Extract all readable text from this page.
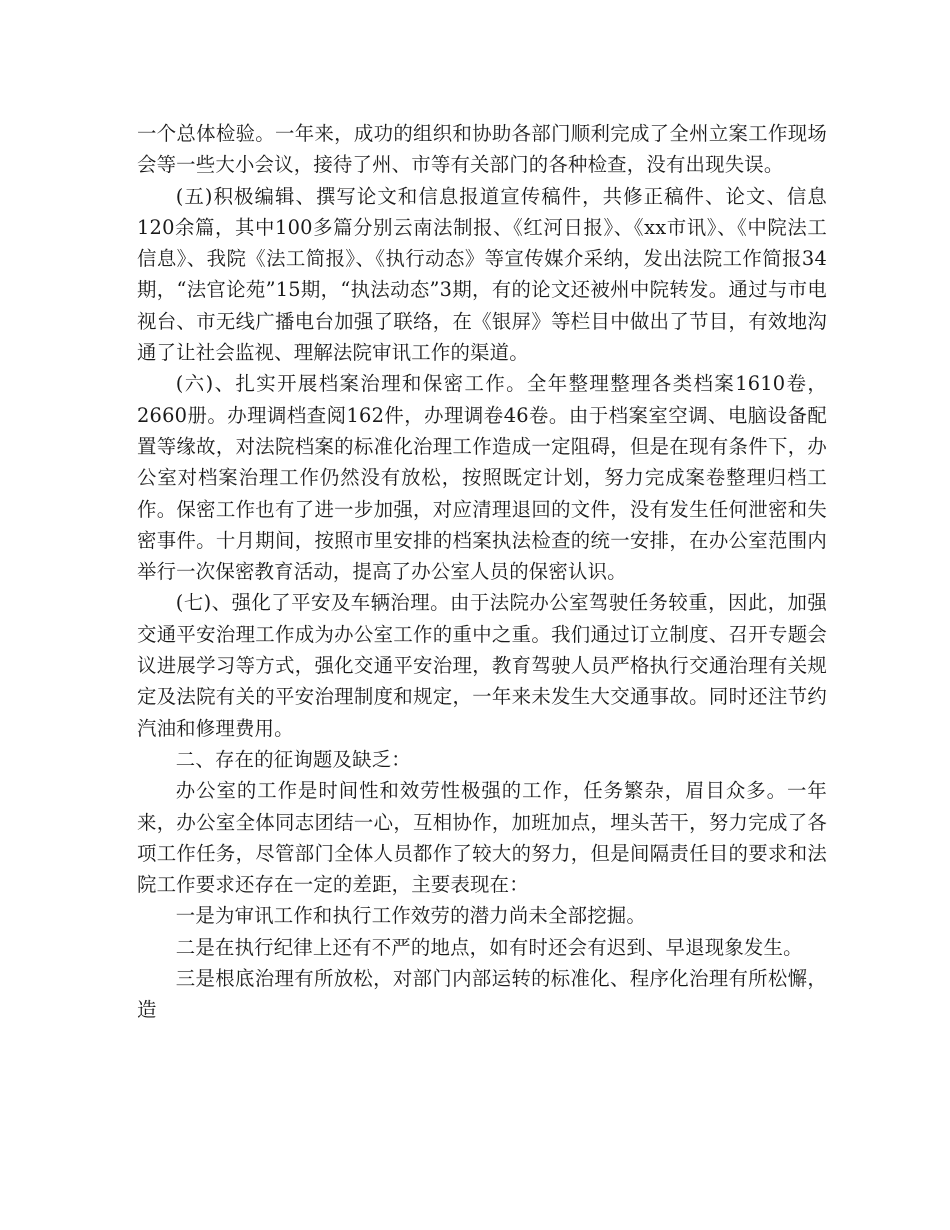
一个总体检验。一年来，成功的组织和协助各部门顺利完成了全州立案工作现场会等一些大小会议，接待了州、市等有关部门的各种检查，没有出现失误。

(五)积极编辑、撰写论文和信息报道宣传稿件，共修正稿件、论文、信息120余篇，其中100多篇分别云南法制报、《红河日报》、《xx市讯》、《中院法工信息》、我院《法工简报》、《执行动态》等宣传媒介采纳，发出法院工作简报34期，“法官论苑”15期，“执法动态”3期，有的论文还被州中院转发。通过与市电视台、市无线广播电台加强了联络，在《银屏》等栏目中做出了节目，有效地沟通了让社会监视、理解法院审讯工作的渠道。

(六)、扎实开展档案治理和保密工作。全年整理整理各类档案1610卷，2660册。办理调档查阅162件，办理调卷46卷。由于档案室空调、电脑设备配置等缘故，对法院档案的标准化治理工作造成一定阻碍，但是在现有条件下，办公室对档案治理工作仍然没有放松，按照既定计划，努力完成案卷整理归档工作。保密工作也有了进一步加强，对应清理退回的文件，没有发生任何泄密和失密事件。十月期间，按照市里安排的档案执法检查的统一安排，在办公室范围内举行一次保密教育活动，提高了办公室人员的保密认识。

(七)、强化了平安及车辆治理。由于法院办公室驾驶任务较重，因此，加强交通平安治理工作成为办公室工作的重中之重。我们通过订立制度、召开专题会议进展学习等方式，强化交通平安治理，教育驾驶人员严格执行交通治理有关规定及法院有关的平安治理制度和规定，一年来未发生大交通事故。同时还注节约汽油和修理费用。

二、存在的征询题及缺乏：

办公室的工作是时间性和效劳性极强的工作，任务繁杂，眉目众多。一年来，办公室全体同志团结一心，互相协作，加班加点，埋头苦干，努力完成了各项工作任务，尽管部门全体人员都作了较大的努力，但是间隔责任目的要求和法院工作要求还存在一定的差距，主要表现在：

一是为审讯工作和执行工作效劳的潜力尚未全部挖掘。

二是在执行纪律上还有不严的地点，如有时还会有迟到、早退现象发生。

三是根底治理有所放松，对部门内部运转的标准化、程序化治理有所松懈，造
